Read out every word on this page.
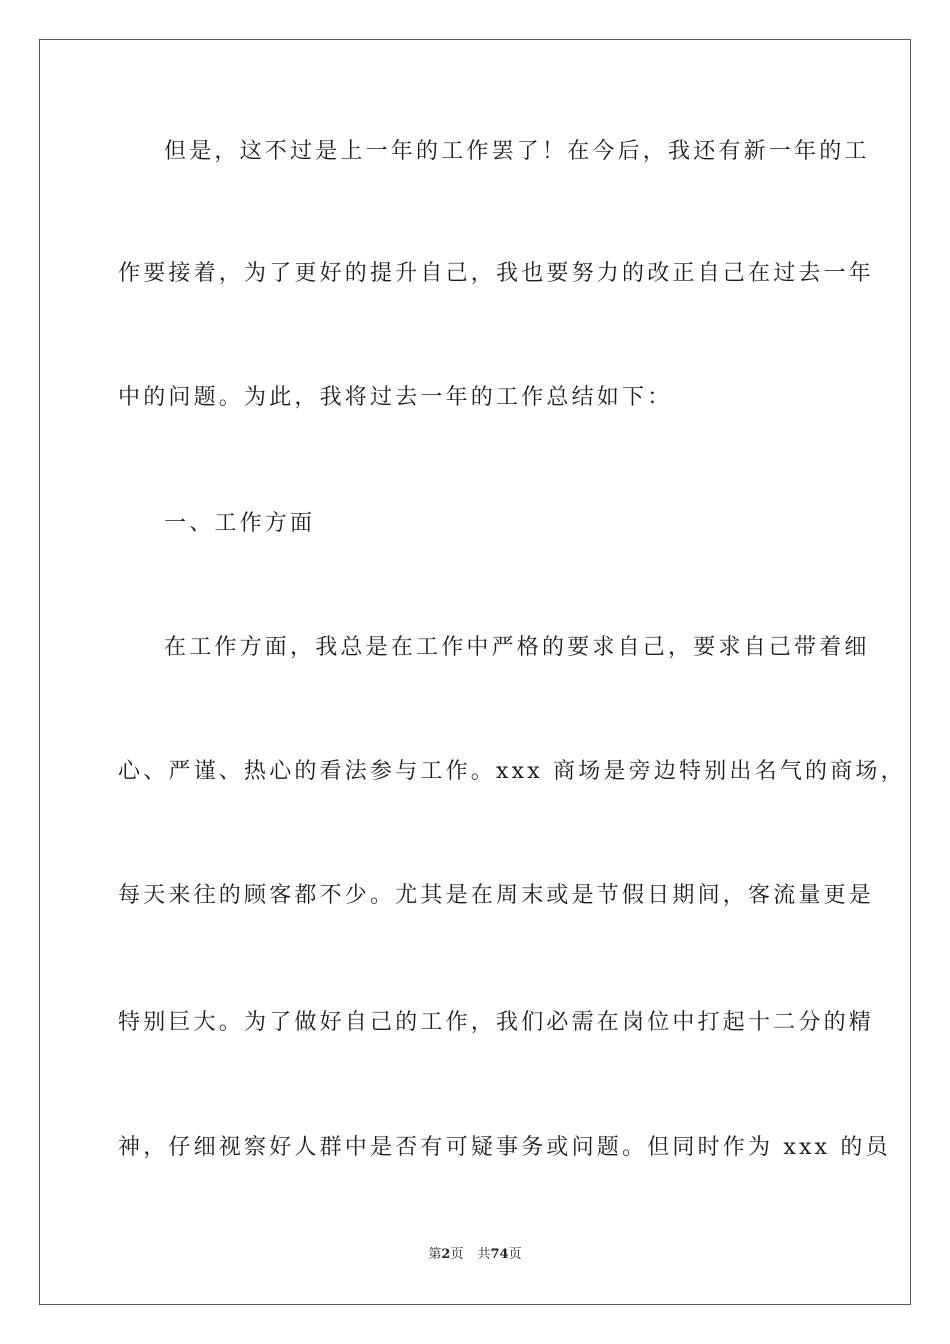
但是，这不过是上一年的工作罢了！在今后，我还有新一年的工
作要接着，为了更好的提升自己，我也要努力的改正自己在过去一年
中的问题。为此，我将过去一年的工作总结如下：
一、工作方面
在工作方面，我总是在工作中严格的要求自己，要求自己带着细
心、严谨、热心的看法参与工作。xxx 商场是旁边特别出名气的商场，
每天来往的顾客都不少。尤其是在周末或是节假日期间，客流量更是
特别巨大。为了做好自己的工作，我们必需在岗位中打起十二分的精
神，仔细视察好人群中是否有可疑事务或问题。但同时作为 xxx 的员
第2页 共74页
